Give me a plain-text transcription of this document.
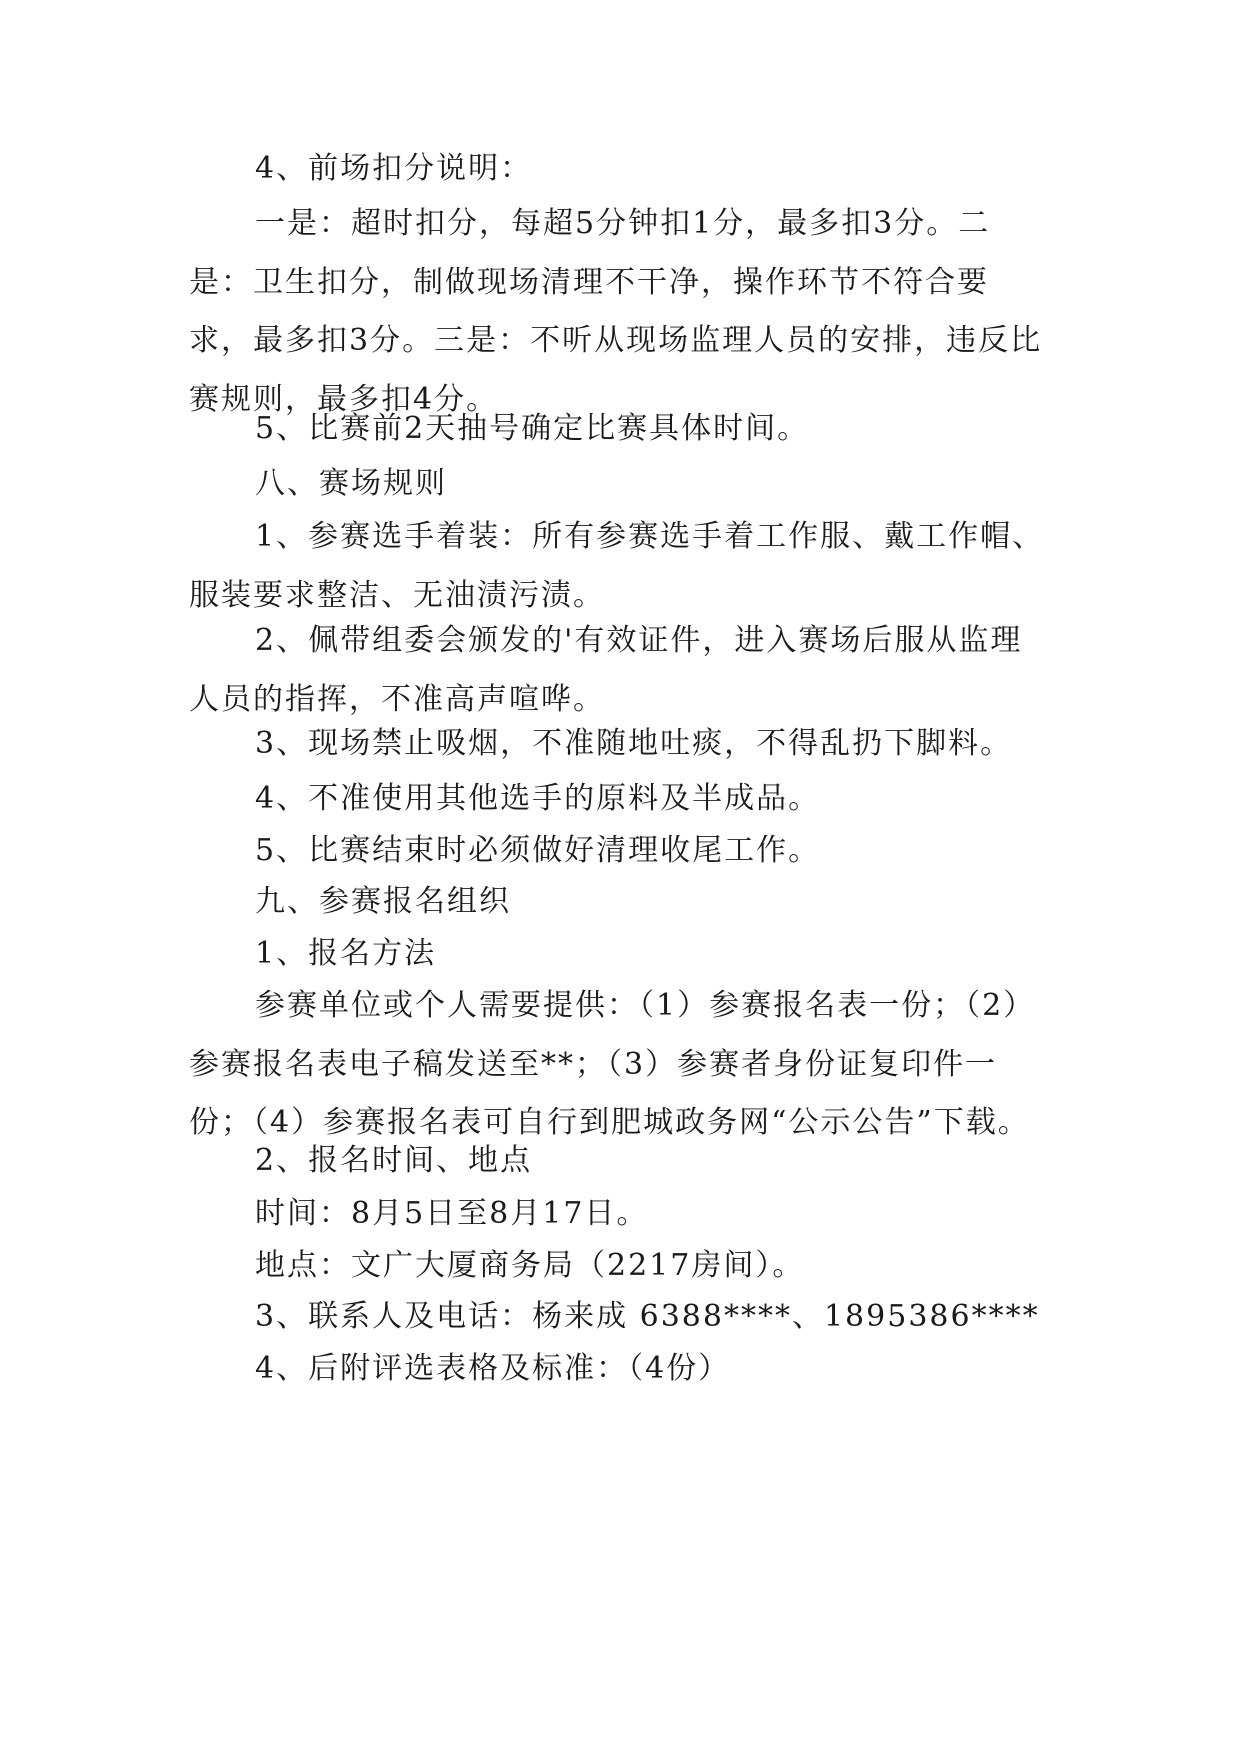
4、前场扣分说明：

一是：超时扣分，每超5分钟扣1分，最多扣3分。二是：卫生扣分，制做现场清理不干净，操作环节不符合要求，最多扣3分。三是：不听从现场监理人员的安排，违反比赛规则，最多扣4分。

5、比赛前2天抽号确定比赛具体时间。

八、赛场规则

1、参赛选手着装：所有参赛选手着工作服、戴工作帽、服装要求整洁、无油渍污渍。

2、佩带组委会颁发的'有效证件，进入赛场后服从监理人员的指挥，不准高声喧哗。

3、现场禁止吸烟，不准随地吐痰，不得乱扔下脚料。

4、不准使用其他选手的原料及半成品。

5、比赛结束时必须做好清理收尾工作。

九、参赛报名组织

1、报名方法

参赛单位或个人需要提供：（1）参赛报名表一份；（2）参赛报名表电子稿发送至**；（3）参赛者身份证复印件一份；（4）参赛报名表可自行到肥城政务网“公示公告”下载。

2、报名时间、地点

时间：8月5日至8月17日。

地点：文广大厦商务局（2217房间）。

3、联系人及电话：杨来成 6388****、1895386****

4、后附评选表格及标准：（4份）
